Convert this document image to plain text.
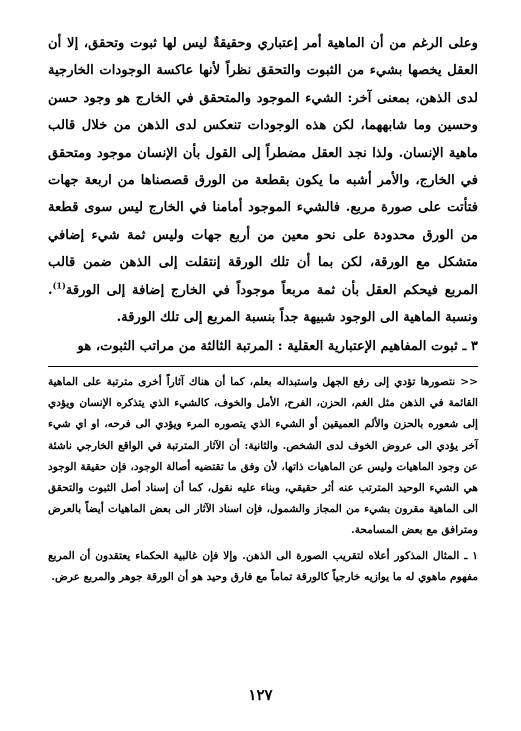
وعلى الرغم من أن الماهية أمر إعتباري وحقيقةٌ ليس لها ثبوت وتحقق، إلا أن العقل يخصها بشيء من الثبوت والتحقق نظراً لأنها عاكسة الوجودات الخارجية لدى الذهن، بمعنى آخر: الشيء الموجود والمتحقق في الخارج هو وجود حسن وحسين وما شابههما، لكن هذه الوجودات تنعكس لدى الذهن من خلال قالب ماهية الإنسان. ولذا نجد العقل مضطراً إلى القول بأن الإنسان موجود ومتحقق في الخارج، والأمر أشبه ما يكون بقطعة من الورق قصصناها من اربعة جهات فتأتت على صورة مربع. فالشيء الموجود أمامنا في الخارج ليس سوى قطعة من الورق محدودة على نحو معين من أربع جهات وليس ثمة شيء إضافي متشكل مع الورقة، لكن بما أن تلك الورقة إنتقلت إلى الذهن ضمن قالب المربع فيحكم العقل بأن ثمة مربعاً موجوداً في الخارج إضافة إلى الورقة$^{(1)}$. ونسبة الماهية الى الوجود شبيهة جداً بنسبة المربع إلى تلك الورقة.

٣ ـ ثبوت المفاهيم الإعتبارية العقلية : المرتبة الثالثة من مراتب الثبوت، هو

<< نتصورها تؤدي إلى رفع الجهل واستبداله بعلم، كما أن هناك آثاراً أخرى مترتبة على الماهية القائمة في الذهن مثل الغم، الحزن، الفرح، الأمل والخوف، كالشيء الذي يتذكره الإنسان ويؤدي إلى شعوره بالحزن والألم العميقين أو الشيء الذي يتصوره المرء ويؤدي الى فرحه، او اي شيء آخر يؤدي الى عروض الخوف لدى الشخص. والثانية: أن الآثار المترتبة في الواقع الخارجي ناشئة عن وجود الماهيات وليس عن الماهيات ذاتها، لأن وفق ما تقتضيه أصالة الوجود، فإن حقيقة الوجود هي الشيء الوحيد المترتب عنه أثر حقيقي، وبناء عليه نقول، كما أن إسناد أصل الثبوت والتحقق الى الماهية مقرون بشيء من المجاز والشمول، فإن اسناد الآثار الى بعض الماهيات أيضاً بالعرض ومترافق مع بعض المسامحة.

١ ـ المثال المذكور أعلاه لتقريب الصورة الى الذهن. وإلا فإن غالبية الحكماء يعتقدون أن المربع مفهوم ماهوي له ما يوازيه خارجياً كالورقة تماماً مع فارق وحيد هو أن الورقة جوهر والمربع عرض.

١٢٧
